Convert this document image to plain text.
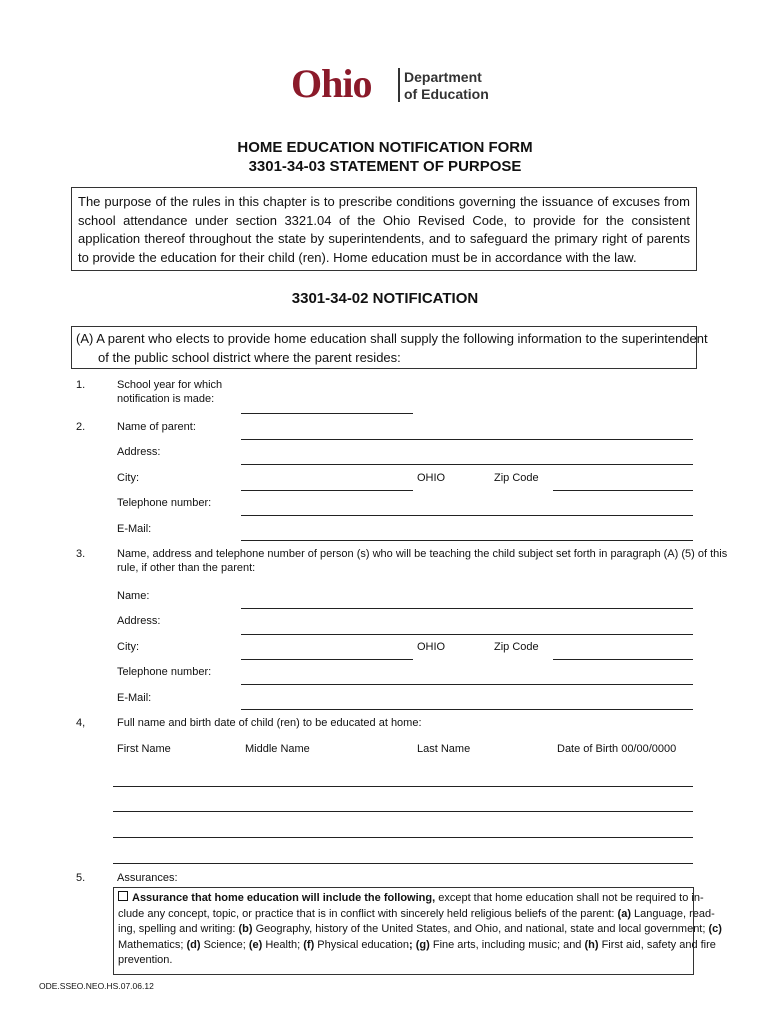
Ohio Department
of Education
HOME EDUCATION NOTIFICATION FORM
3301-34-03 STATEMENT OF PURPOSE
The purpose of the rules in this chapter is to prescribe conditions governing the issuance of excuses from school attendance under section 3321.04 of the Ohio Revised Code, to provide for the consistent application thereof throughout the state by superintendents, and to safeguard the primary right of parents to provide the education for their child (ren). Home education must be in accordance with the law.
3301-34-02 NOTIFICATION
(A) A parent who elects to provide home education shall supply the following information to the superintendent
of the public school district where the parent resides:
1.	School year for which
notification is made:
2.	Name of parent:
Address:
City:	OHIO	Zip Code
Telephone number:
E-Mail:
3.	Name, address and telephone number of person (s) who will be teaching the child subject set forth in paragraph (A) (5) of this
rule, if other than the parent:
Name:
Address:
City:	OHIO	Zip Code
Telephone number:
E-Mail:
4,	Full name and birth date of child (ren) to be educated at home:
First Name	Middle Name	Last Name	Date of Birth 00/00/0000
5.	Assurances:
Assurance that home education will include the following, except that home education shall not be required to in-
clude any concept, topic, or practice that is in conflict with sincerely held religious beliefs of the parent: (a) Language, read-
ing, spelling and writing: (b) Geography, history of the United States, and Ohio, and national, state and local government; (c)
Mathematics; (d) Science; (e) Health; (f) Physical education; (g) Fine arts, including music; and (h) First aid, safety and fire
prevention.
ODE.SSEO.NEO.HS.07.06.12
